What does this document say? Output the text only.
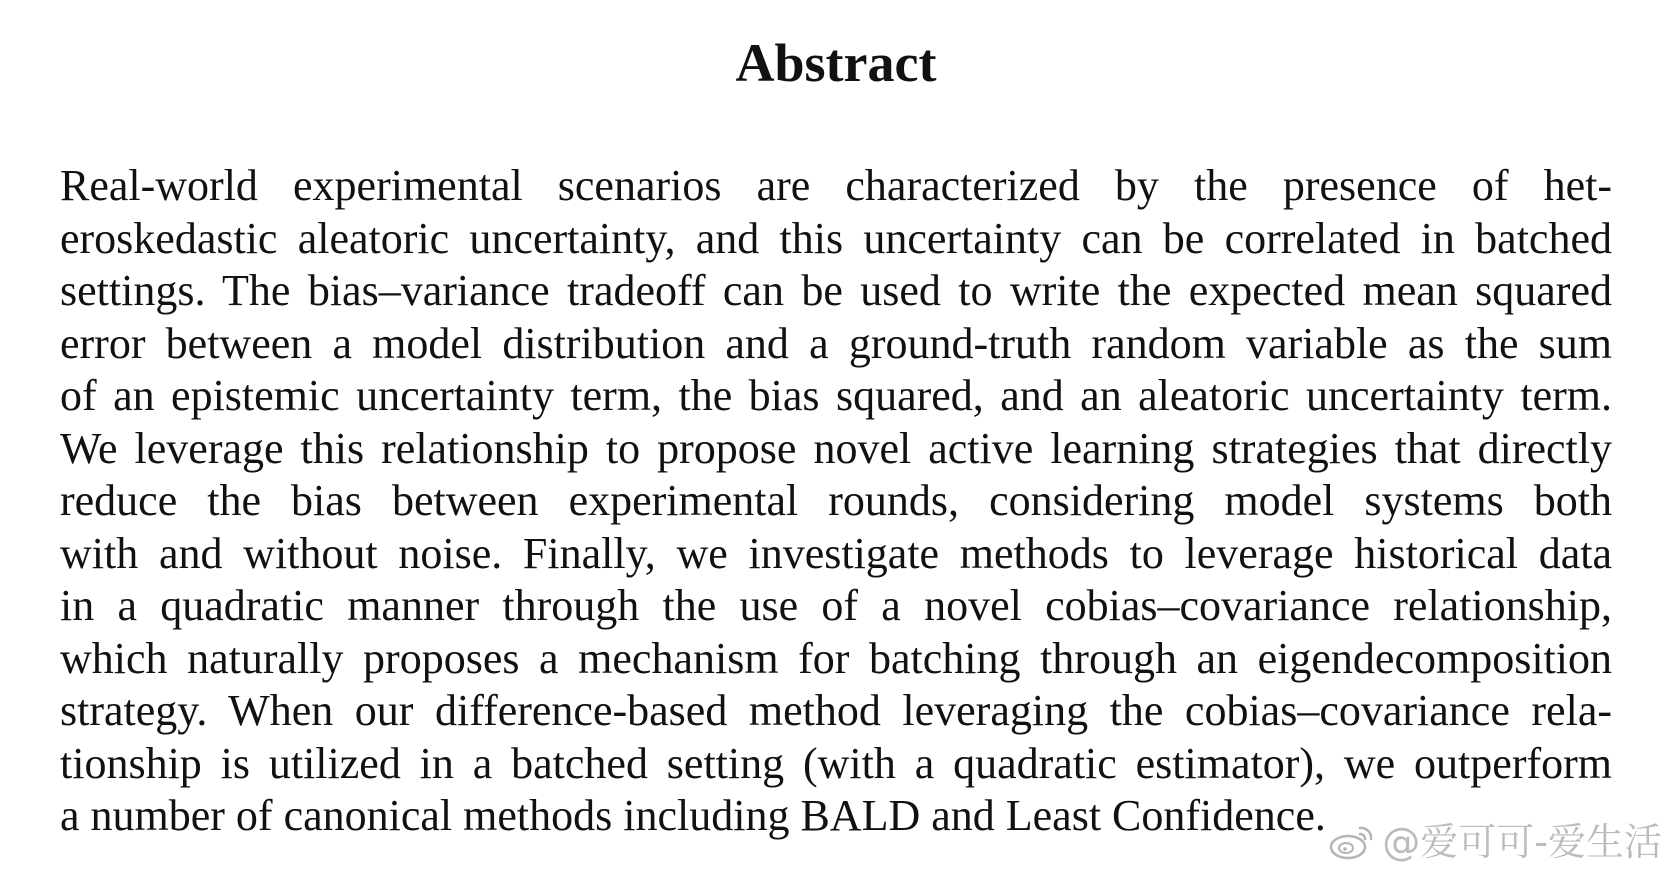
Abstract
Real-world experimental scenarios are characterized by the presence of het-
eroskedastic aleatoric uncertainty, and this uncertainty can be correlated in batched
settings. The bias–variance tradeoff can be used to write the expected mean squared
error between a model distribution and a ground-truth random variable as the sum
of an epistemic uncertainty term, the bias squared, and an aleatoric uncertainty term.
We leverage this relationship to propose novel active learning strategies that directly
reduce the bias between experimental rounds, considering model systems both
with and without noise. Finally, we investigate methods to leverage historical data
in a quadratic manner through the use of a novel cobias–covariance relationship,
which naturally proposes a mechanism for batching through an eigendecomposition
strategy. When our difference-based method leveraging the cobias–covariance rela-
tionship is utilized in a batched setting (with a quadratic estimator), we outperform
a number of canonical methods including BALD and Least Confidence.
@爱可可-爱生活
